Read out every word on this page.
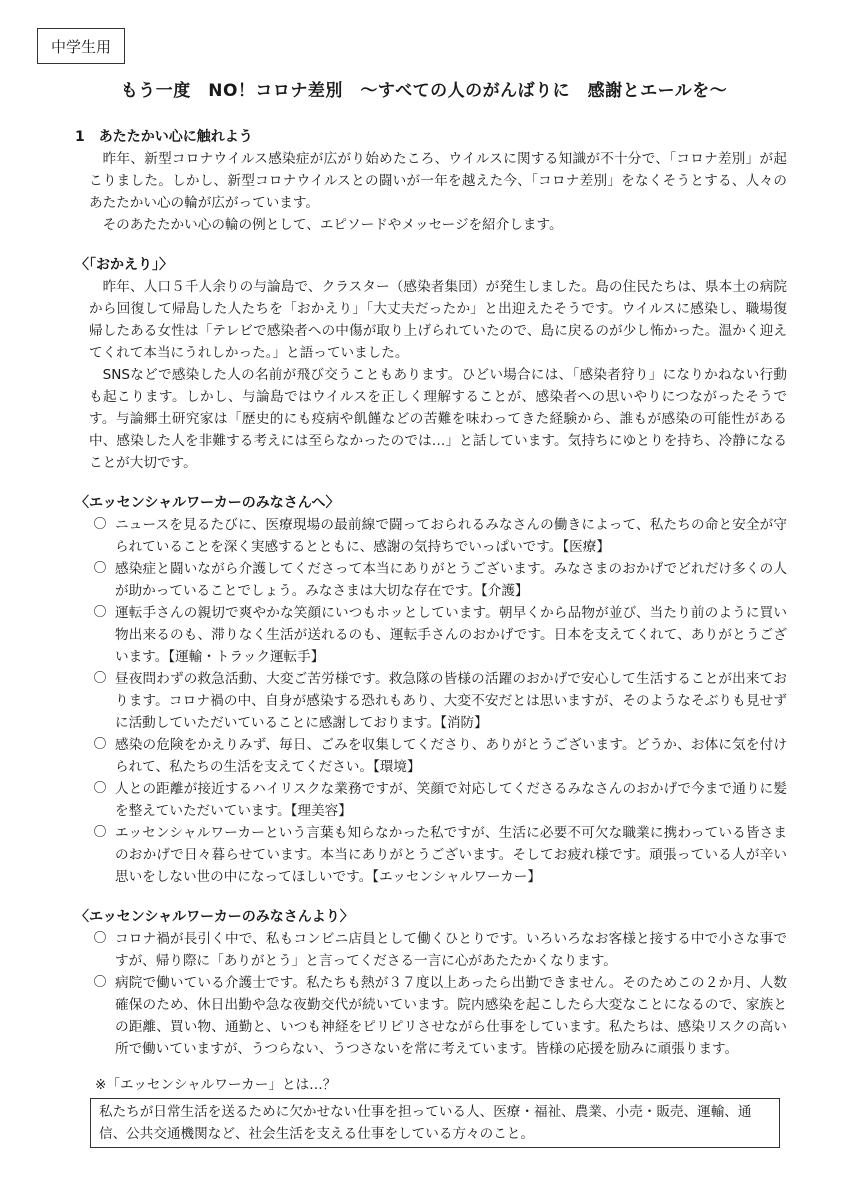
中学生用
もう一度　NO！コロナ差別　～すべての人のがんばりに　感謝とエールを～

1　あたたかい心に触れよう

昨年、新型コロナウイルス感染症が広がり始めたころ、ウイルスに関する知識が不十分で、「コロナ差別」が起こりました。しかし、新型コロナウイルスとの闘いが一年を越えた今、「コロナ差別」をなくそうとする、人々のあたたかい心の輪が広がっています。

そのあたたかい心の輪の例として、エピソードやメッセージを紹介します。

〈「おかえり」〉

昨年、人口５千人余りの与論島で、クラスター（感染者集団）が発生しました。島の住民たちは、県本土の病院から回復して帰島した人たちを「おかえり」「大丈夫だったか」と出迎えたそうです。ウイルスに感染し、職場復帰したある女性は「テレビで感染者への中傷が取り上げられていたので、島に戻るのが少し怖かった。温かく迎えてくれて本当にうれしかった。」と語っていました。

SNSなどで感染した人の名前が飛び交うこともあります。ひどい場合には、「感染者狩り」になりかねない行動も起こります。しかし、与論島ではウイルスを正しく理解することが、感染者への思いやりにつながったそうです。与論郷土研究家は「歴史的にも疫病や飢饉などの苦難を味わってきた経験から、誰もが感染の可能性がある中、感染した人を非難する考えには至らなかったのでは…」と話しています。気持ちにゆとりを持ち、冷静になることが大切です。

〈エッセンシャルワーカーのみなさんへ〉

〇 ニュースを見るたびに、医療現場の最前線で闘っておられるみなさんの働きによって、私たちの命と安全が守られていることを深く実感するとともに、感謝の気持ちでいっぱいです。【医療】
〇 感染症と闘いながら介護してくださって本当にありがとうございます。みなさまのおかげでどれだけ多くの人が助かっていることでしょう。みなさまは大切な存在です。【介護】
〇 運転手さんの親切で爽やかな笑顔にいつもホッとしています。朝早くから品物が並び、当たり前のように買い物出来るのも、滞りなく生活が送れるのも、運転手さんのおかげです。日本を支えてくれて、ありがとうございます。【運輸・トラック運転手】
〇 昼夜問わずの救急活動、大変ご苦労様です。救急隊の皆様の活躍のおかげで安心して生活することが出来ております。コロナ禍の中、自身が感染する恐れもあり、大変不安だとは思いますが、そのようなそぶりも見せずに活動していただいていることに感謝しております。【消防】
〇 感染の危険をかえりみず、毎日、ごみを収集してくださり、ありがとうございます。どうか、お体に気を付けられて、私たちの生活を支えてください。【環境】
〇 人との距離が接近するハイリスクな業務ですが、笑顔で対応してくださるみなさんのおかげで今まで通りに髪を整えていただいています。【理美容】
〇 エッセンシャルワーカーという言葉も知らなかった私ですが、生活に必要不可欠な職業に携わっている皆さまのおかげで日々暮らせています。本当にありがとうございます。そしてお疲れ様です。頑張っている人が辛い思いをしない世の中になってほしいです。【エッセンシャルワーカー】

〈エッセンシャルワーカーのみなさんより〉

〇 コロナ禍が長引く中で、私もコンビニ店員として働くひとりです。いろいろなお客様と接する中で小さな事ですが、帰り際に「ありがとう」と言ってくださる一言に心があたたかくなります。
〇 病院で働いている介護士です。私たちも熱が３７度以上あったら出勤できません。そのためこの２か月、人数確保のため、休日出勤や急な夜勤交代が続いています。院内感染を起こしたら大変なことになるので、家族との距離、買い物、通勤と、いつも神経をピリピリさせながら仕事をしています。私たちは、感染リスクの高い所で働いていますが、うつらない、うつさないを常に考えています。皆様の応援を励みに頑張ります。

※「エッセンシャルワーカー」とは…？

私たちが日常生活を送るために欠かせない仕事を担っている人、医療・福祉、農業、小売・販売、運輸、通信、公共交通機関など、社会生活を支える仕事をしている方々のこと。
